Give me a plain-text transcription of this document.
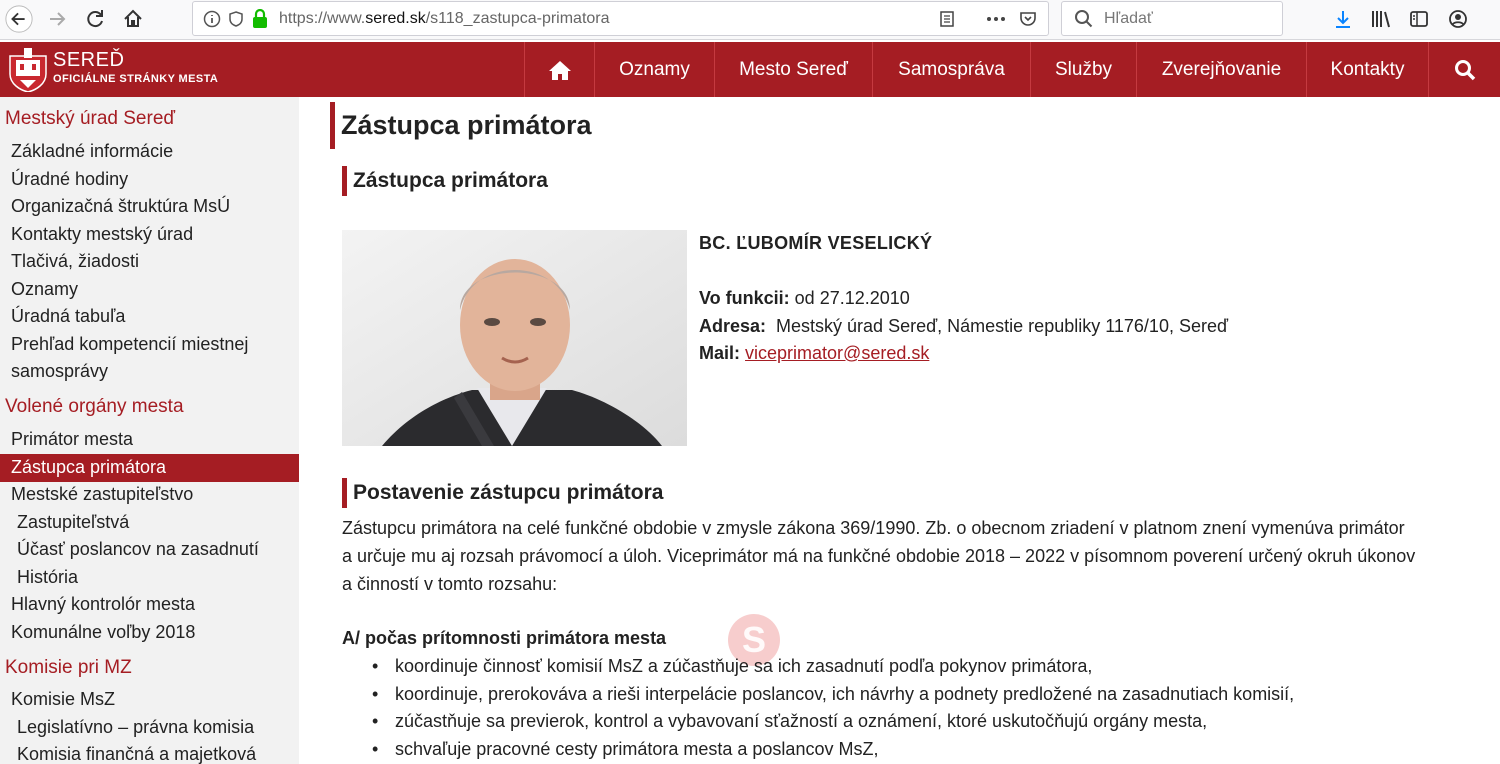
https://www.sered.sk/s118_zastupca-primatora	Hľadať
SEREĎ
OFICIÁLNE STRÁNKY MESTA	Oznamy	Mesto Sereď	Samospráva	Služby	Zverejňovanie	Kontakty
Mestský úrad Sereď
Základné informácie
Úradné hodiny
Organizačná štruktúra MsÚ
Kontakty mestský úrad
Tlačivá, žiadosti
Oznamy
Úradná tabuľa
Prehľad kompetencií miestnej
samosprávy
Volené orgány mesta
Primátor mesta
Zástupca primátora
Mestské zastupiteľstvo
Zastupiteľstvá
Účasť poslancov na zasadnutí
História
Hlavný kontrolór mesta
Komunálne voľby 2018
Komisie pri MZ
Komisie MsZ
Legislatívno – právna komisia
Komisia finančná a majetková
Zástupca primátora
Zástupca primátora
BC. ĽUBOMÍR VESELICKÝ
Vo funkcii: od 27.12.2010
Adresa:  Mestský úrad Sereď, Námestie republiky 1176/10, Sereď
Mail: viceprimator@sered.sk
Postavenie zástupcu primátora
Zástupcu primátora na celé funkčné obdobie v zmysle zákona 369/1990. Zb. o obecnom zriadení v platnom znení vymenúva primátor
a určuje mu aj rozsah právomocí a úloh. Viceprimátor má na funkčné obdobie 2018 – 2022 v písomnom poverení určený okruh úkonov
a činností v tomto rozsahu:
S
A/ počas prítomnosti primátora mesta
koordinuje činnosť komisií MsZ a zúčastňuje sa ich zasadnutí podľa pokynov primátora,
koordinuje, prerokováva a rieši interpelácie poslancov, ich návrhy a podnety predložené na zasadnutiach komisií,
zúčastňuje sa previerok, kontrol a vybavovaní sťažností a oznámení, ktoré uskutočňujú orgány mesta,
schvaľuje pracovné cesty primátora mesta a poslancov MsZ,
